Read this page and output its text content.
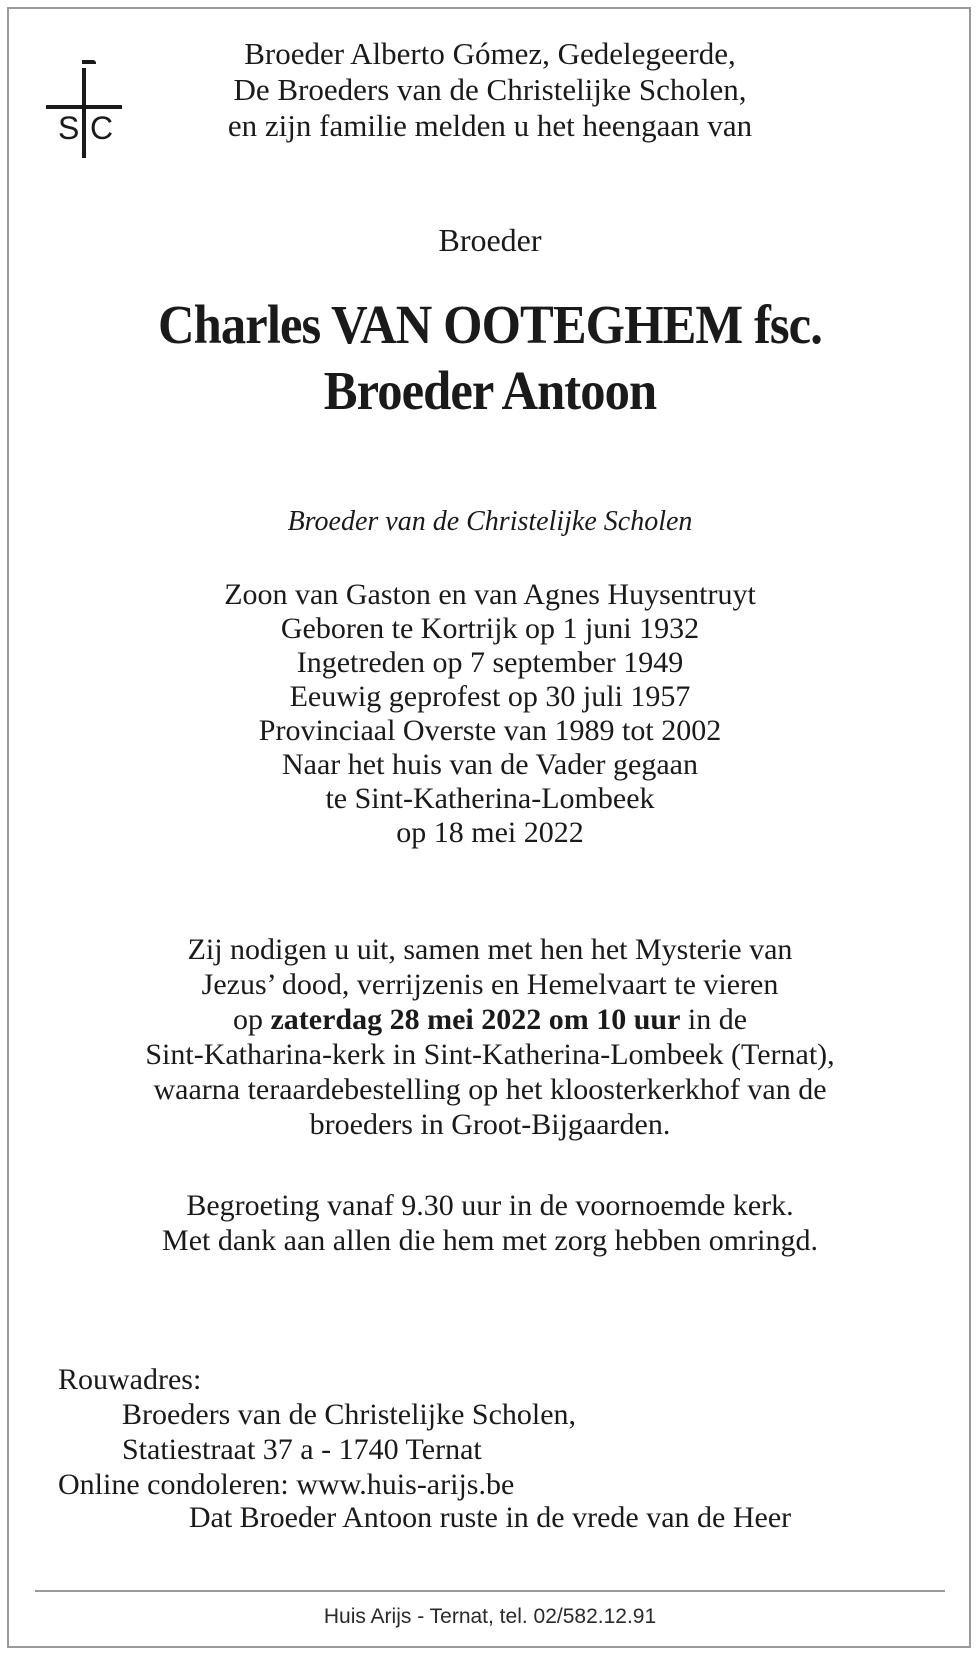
S C
Broeder Alberto Gómez, Gedelegeerde,
De Broeders van de Christelijke Scholen,
en zijn familie melden u het heengaan van
Broeder
Charles VAN OOTEGHEM fsc.
Broeder Antoon
Broeder van de Christelijke Scholen
Zoon van Gaston en van Agnes Huysentruyt
Geboren te Kortrijk op 1 juni 1932
Ingetreden op 7 september 1949
Eeuwig geprofest op 30 juli 1957
Provinciaal Overste van 1989 tot 2002
Naar het huis van de Vader gegaan
te Sint-Katherina-Lombeek
op 18 mei 2022
Zij nodigen u uit, samen met hen het Mysterie van
Jezus’ dood, verrijzenis en Hemelvaart te vieren
op zaterdag 28 mei 2022 om 10 uur in de
Sint-Katharina-kerk in Sint-Katherina-Lombeek (Ternat),
waarna teraardebestelling op het kloosterkerkhof van de
broeders in Groot-Bijgaarden.
Begroeting vanaf 9.30 uur in de voornoemde kerk.
Met dank aan allen die hem met zorg hebben omringd.
Rouwadres:
Broeders van de Christelijke Scholen,
Statiestraat 37 a - 1740 Ternat
Online condoleren: www.huis-arijs.be
Dat Broeder Antoon ruste in de vrede van de Heer
Huis Arijs - Ternat, tel. 02/582.12.91
